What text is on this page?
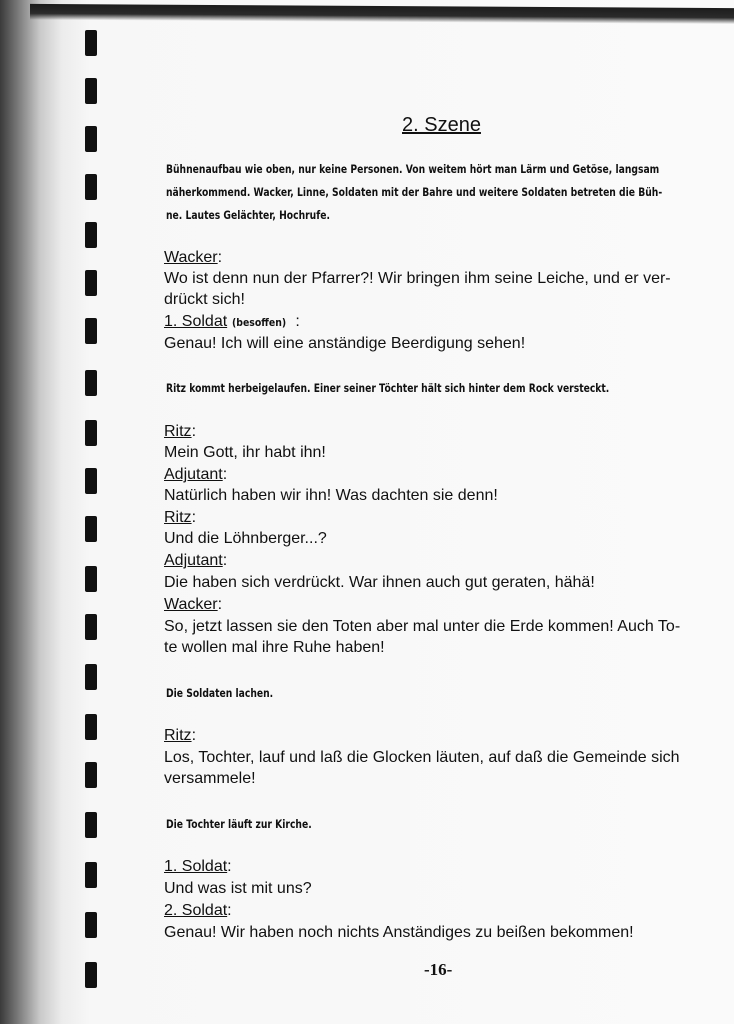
2. Szene
Bühnenaufbau wie oben, nur keine Personen. Von weitem hört man Lärm und Getöse, langsam
näherkommend. Wacker, Linne, Soldaten mit der Bahre und weitere Soldaten betreten die Büh-
ne. Lautes Gelächter, Hochrufe.
Wacker:
Wo ist denn nun der Pfarrer?! Wir bringen ihm seine Leiche, und er ver-
drückt sich!
1. Soldat (besoffen) :
Genau! Ich will eine anständige Beerdigung sehen!
Ritz kommt herbeigelaufen. Einer seiner Töchter hält sich hinter dem Rock versteckt.
Ritz:
Mein Gott, ihr habt ihn!
Adjutant:
Natürlich haben wir ihn! Was dachten sie denn!
Ritz:
Und die Löhnberger...?
Adjutant:
Die haben sich verdrückt. War ihnen auch gut geraten, hähä!
Wacker:
So, jetzt lassen sie den Toten aber mal unter die Erde kommen! Auch To-
te wollen mal ihre Ruhe haben!
Die Soldaten lachen.
Ritz:
Los, Tochter, lauf und laß die Glocken läuten, auf daß die Gemeinde sich
versammele!
Die Tochter läuft zur Kirche.
1. Soldat:
Und was ist mit uns?
2. Soldat:
Genau! Wir haben noch nichts Anständiges zu beißen bekommen!
-16-
